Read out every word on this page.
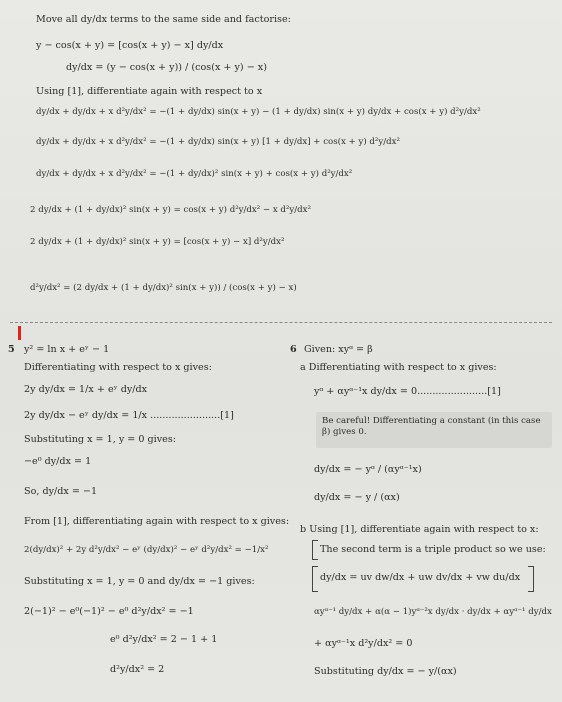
Move all dy/dx terms to the same side and factorise:
y − cos(x + y) = [cos(x + y) − x] dy/dx
dy/dx = (y − cos(x + y)) / (cos(x + y) − x)
Using [1], differentiate again with respect to x
dy/dx + dy/dx + x d²y/dx² = −(1 + dy/dx) sin(x + y) − (1 + dy/dx) sin(x + y) dy/dx + cos(x + y) d²y/dx²
dy/dx + dy/dx + x d²y/dx² = −(1 + dy/dx) sin(x + y) [1 + dy/dx] + cos(x + y) d²y/dx²
dy/dx + dy/dx + x d²y/dx² = −(1 + dy/dx)² sin(x + y) + cos(x + y) d²y/dx²
2 dy/dx + (1 + dy/dx)² sin(x + y) = cos(x + y) d²y/dx² − x d²y/dx²
2 dy/dx + (1 + dy/dx)² sin(x + y) = [cos(x + y) − x] d²y/dx²
d²y/dx² = (2 dy/dx + (1 + dy/dx)² sin(x + y)) / (cos(x + y) − x)
5 y² = ln x + eʸ − 1
Differentiating with respect to x gives:
2y dy/dx = 1/x + eʸ dy/dx
2y dy/dx − eʸ dy/dx = 1/x .......................[1]
Substituting x = 1, y = 0 gives:
−e⁰ dy/dx = 1
So, dy/dx = −1
From [1], differentiating again with respect to x gives:
2(dy/dx)² + 2y d²y/dx² − eʸ (dy/dx)² − eʸ d²y/dx² = −1/x²
Substituting x = 1, y = 0 and dy/dx = −1 gives:
2(−1)² − e⁰(−1)² − e⁰ d²y/dx² = −1
e⁰ d²y/dx² = 2 − 1 + 1
d²y/dx² = 2
6 Given: xyᵅ = β
a Differentiating with respect to x gives:
yᵅ + αyᵅ⁻¹x dy/dx = 0.......................[1]
Be careful! Differentiating a constant (in this case β) gives 0.
dy/dx = − yᵅ / (αyᵅ⁻¹x)
dy/dx = − y / (αx)
b Using [1], differentiate again with respect to x:
The second term is a triple product so we use:
dy/dx = uv dw/dx + uw dv/dx + vw du/dx
αyᵅ⁻¹ dy/dx + α(α − 1)yᵅ⁻²x dy/dx · dy/dx + αyᵅ⁻¹ dy/dx
+ αyᵅ⁻¹x d²y/dx² = 0
Substituting dy/dx = − y/(αx)
